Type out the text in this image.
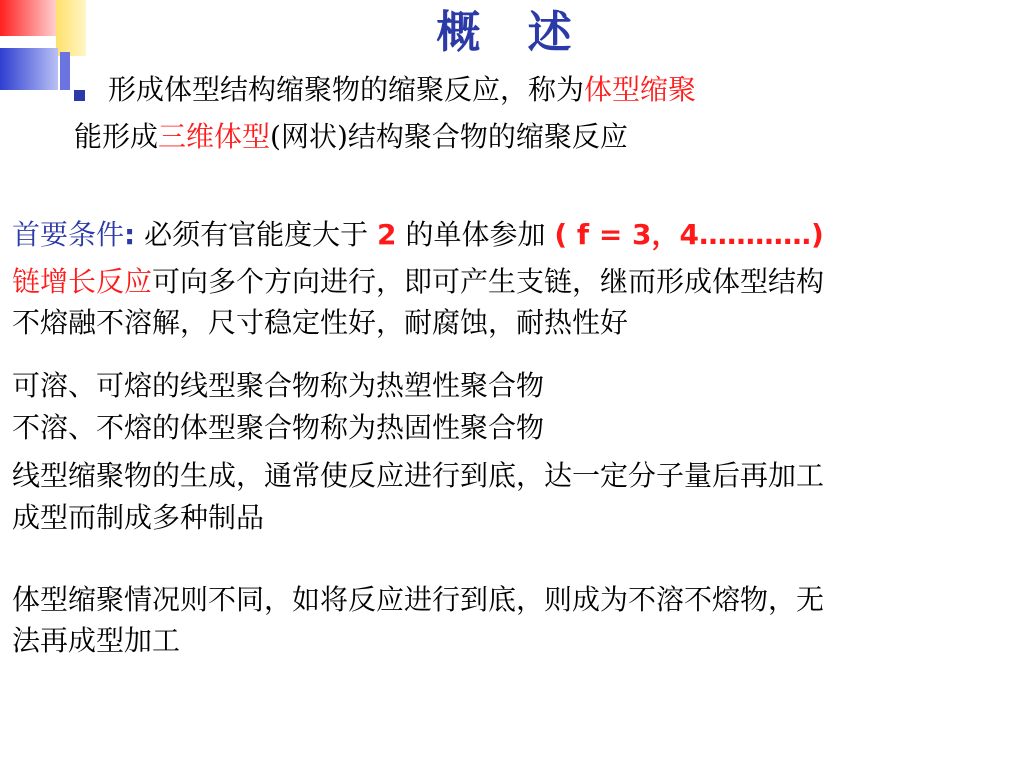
概 述
形成体型结构缩聚物的缩聚反应，称为体型缩聚
能形成三维体型(网状)结构聚合物的缩聚反应
首要条件: 必须有官能度大于 2 的单体参加 ( f = 3，4…………)
链增长反应可向多个方向进行，即可产生支链，继而形成体型结构
不熔融不溶解，尺寸稳定性好，耐腐蚀，耐热性好
可溶、可熔的线型聚合物称为热塑性聚合物
不溶、不熔的体型聚合物称为热固性聚合物
线型缩聚物的生成，通常使反应进行到底，达一定分子量后再加工
成型而制成多种制品
体型缩聚情况则不同，如将反应进行到底，则成为不溶不熔物，无
法再成型加工
